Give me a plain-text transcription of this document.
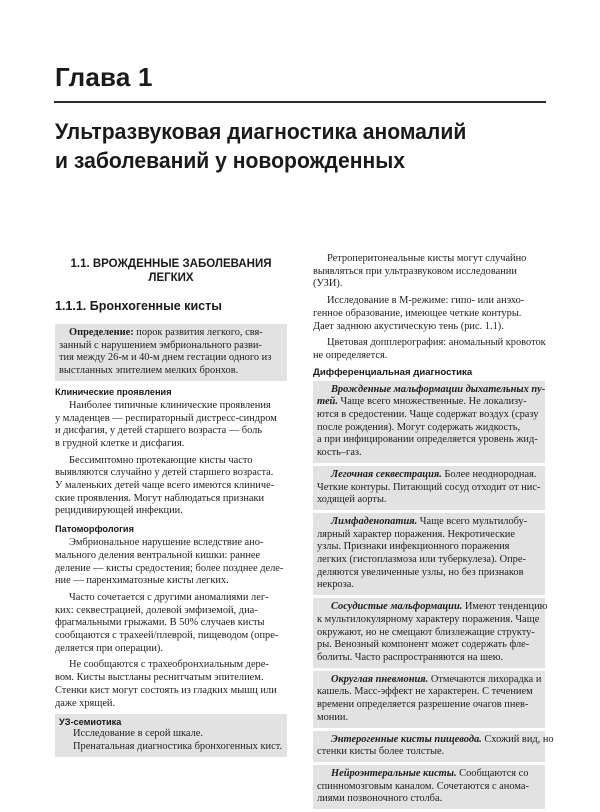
Глава 1
Ультразвуковая диагностика аномалий
и заболеваний у новорожденных
1.1. ВРОЖДЕННЫЕ ЗАБОЛЕВАНИЯ
ЛЕГКИХ
1.1.1. Бронхогенные кисты
Определение: порок развития легкого, свя-
занный с нарушением эмбрионального разви-
тия между 26-м и 40-м днем гестации одного из
выстланных эпителием мелких бронхов.
Клинические проявления

Наиболее типичные клинические проявления
у младенцев — респираторный дистресс-синдром
и дисфагия, у детей старшего возраста — боль
в грудной клетке и дисфагия.

Бессимптомно протекающие кисты часто
выявляются случайно у детей старшего возраста.
У маленьких детей чаще всего имеются клиниче-
ские проявления. Могут наблюдаться признаки
рецидивирующей инфекции.

Патоморфология

Эмбриональное нарушение вследствие ано-
мального деления вентральной кишки: раннее
деление — кисты средостения; более позднее деле-
ние — паренхиматозные кисты легких.

Часто сочетается с другими аномалиями лег-
ких: секвестрацией, долевой эмфиземой, диа-
фрагмальными грыжами. В 50% случаев кисты
сообщаются с трахеей/плеврой, пищеводом (опре-
деляется при операции).

Не сообщаются с трахеобронхиальным дере-
вом. Кисты выстланы реснитчатым эпителием.
Стенки кист могут состоять из гладких мышц или
даже хрящей.

УЗ-семиотика
Исследование в серой шкале.
Пренатальная диагностика бронхогенных кист.

Ретроперитонеальные кисты могут случайно
выявляться при ультразвуковом исследовании
(УЗИ).

Исследование в М-режиме: гипо- или анэхо-
генное образование, имеющее четкие контуры.
Дает заднюю акустическую тень (рис. 1.1).

Цветовая допплерография: аномальный кровоток
не определяется.

Дифференциальная диагностика
Врожденные мальформации дыхательных пу-
тей. Чаще всего множественные. Не локализу-
ются в средостении. Чаще содержат воздух (сразу
после рождения). Могут содержать жидкость,
а при инфицировании определяется уровень жид-
кость–газ.
Легочная секвестрация. Более неоднородная.
Четкие контуры. Питающий сосуд отходит от нис-
ходящей аорты.
Лимфаденопатия. Чаще всего мультилобу-
лярный характер поражения. Некротические
узлы. Признаки инфекционного поражения
легких (гистоплазмоза или туберкулеза). Опре-
деляются увеличенные узлы, но без признаков
некроза.
Сосудистые мальформации. Имеют тенденцию
к мультилокулярному характеру поражения. Чаще
окружают, но не смещают близлежащие структу-
ры. Венозный компонент может содержать фле-
болиты. Часто распространяются на шею.
Округлая пневмония. Отмечаются лихорадка и
кашель. Масс-эффект не характерен. С течением
времени определяется разрешение очагов пнев-
монии.
Энтерогенные кисты пищевода. Схожий вид, но
стенки кисты более толстые.
Нейроэнтеральные кисты. Сообщаются со
спинномозговым каналом. Сочетаются с анома-
лиями позвоночного столба.
